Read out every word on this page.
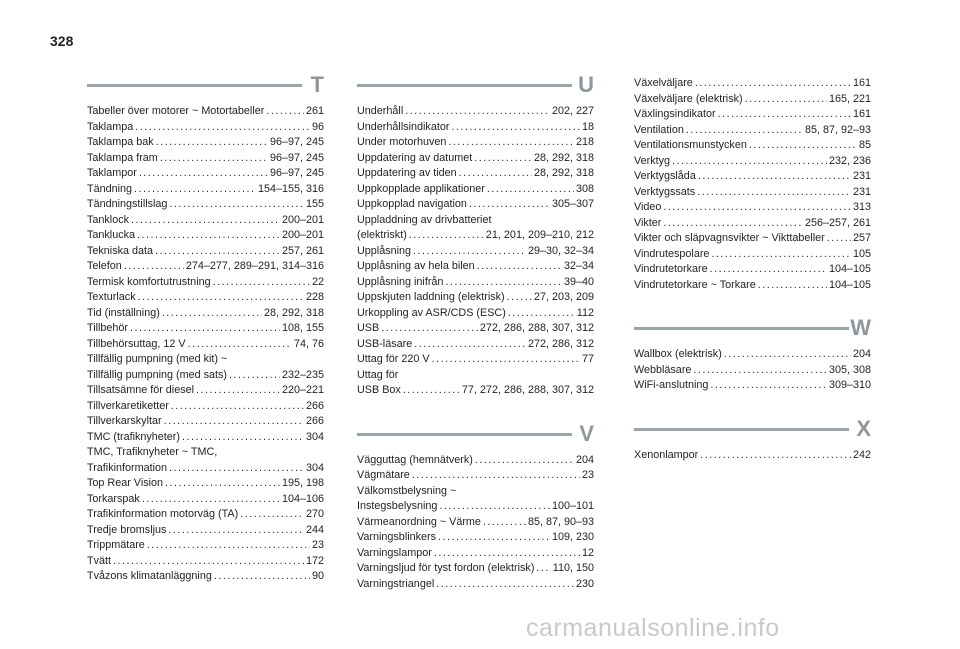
328
T
Tabeller över motorer ~ Motortabeller .....	261
Taklampa .....	96
Taklampa bak .....	96–97, 245
Taklampa fram .....	96–97, 245
Taklampor .....	96–97, 245
Tändning .....	154–155, 316
Tändningstillslag .....	155
Tanklock .....	200–201
Tanklucka .....	200–201
Tekniska data .....	257, 261
Telefon .....	274–277, 289–291, 314–316
Termisk komfortutrustning .....	22
Texturlack .....	228
Tid (inställning) .....	28, 292, 318
Tillbehör .....	108, 155
Tillbehörsuttag, 12 V .....	74, 76
Tillfällig pumpning (med kit) ~
Tillfällig pumpning (med sats) .....	232–235
Tillsatsämne för diesel .....	220–221
Tillverkaretiketter .....	266
Tillverkarskyltar .....	266
TMC (trafiknyheter) .....	304
TMC, Trafiknyheter ~ TMC,
Trafikinformation .....	304
Top Rear Vision .....	195, 198
Torkarspak .....	104–106
Trafikinformation motorväg (TA) .....	270
Tredje bromsljus .....	244
Trippmätare .....	23
Tvätt .....	172
Tvåzons klimatanläggning .....	90
U
Underhåll .....	202, 227
Underhållsindikator .....	18
Under motorhuven .....	218
Uppdatering av datumet .....	28, 292, 318
Uppdatering av tiden .....	28, 292, 318
Uppkopplade applikationer .....	308
Uppkopplad navigation .....	305–307
Uppladdning av drivbatteriet
(elektriskt) .....	21, 201, 209–210, 212
Upplåsning .....	29–30, 32–34
Upplåsning av hela bilen .....	32–34
Upplåsning inifrån .....	39–40
Uppskjuten laddning (elektrisk) .....	27, 203, 209
Urkoppling av ASR/CDS (ESC) .....	112
USB .....	272, 286, 288, 307, 312
USB-läsare .....	272, 286, 312
Uttag för 220 V .....	77
Uttag för
USB Box .....	77, 272, 286, 288, 307, 312
V
Vägguttag (hemnätverk) .....	204
Vägmätare .....	23
Välkomstbelysning ~
Instegsbelysning .....	100–101
Värmeanordning ~ Värme .....	85, 87, 90–93
Varningsblinkers .....	109, 230
Varningslampor .....	12
Varningsljud för tyst fordon (elektrisk) ..... 110, 150
Varningstriangel .....	230
Växelväljare .....	161
Växelväljare (elektrisk) .....	165, 221
Växlingsindikator .....	161
Ventilation .....	85, 87, 92–93
Ventilationsmunstycken .....	85
Verktyg .....	232, 236
Verktygslåda .....	231
Verktygssats .....	231
Video .....	313
Vikter .....	256–257, 261
Vikter och släpvagnsvikter ~ Vikttabeller .....	257
Vindrutespolare .....	105
Vindrutetorkare .....	104–105
Vindrutetorkare ~ Torkare .....	104–105
W
Wallbox (elektrisk) .....	204
Webbläsare .....	305, 308
WiFi-anslutning .....	309–310
X
Xenonlampor .....	242
carmanualsonline.info
